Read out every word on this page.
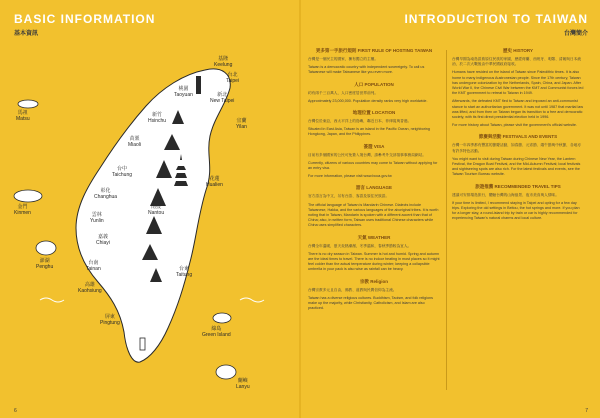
馬祖
Matsu
基隆
Keelung
台北
Taipei
新北
New Taipei
桃園
Taoyuan
宜蘭
Yilan
新竹
Hsinchu
苗栗
Miaoli
金門
Kinmen
台中
Taichung
彰化
Changhua
南投
Nantou
花蓮
Hualien
澎湖
Penghu
雲林
Yunlin
嘉義
Chiayi
台南
Tainan
高雄
Kaohsiung
台東
Taitung
屏東
Pingtung
綠島
Green Island
蘭嶼
Lanyu
BASIC INFORMATION
基本資訊
INTRODUCTION TO TAIWAN
台灣簡介
更多第一手旅行規則 FIRST RULE OF HOSTING TAIWAN

台灣是一個民主的國家，擁有獨立的主權。

Taiwan is a democratic country with independent sovereignty. To call us Taiwanese will make Taiwanese like you even more.

人口 POPULATION

約有兩千三百萬人，人口密度居世界前列。

Approximately 23,000,000. Population density ranks very high worldwide.

地理位置 LOCATION

台灣位於東亞，西太平洋上的島嶼，鄰近日本、菲律賓與香港。

Situated in East Asia, Taiwan is an island in the Pacific Ocean, neighboring Hongkong, Japan, and the Philippines.

簽證 VISA

目前有多個國家的公民可免簽入境台灣，請參考外交部領事事務局網站。

Currently, citizens of various countries may come to Taiwan without applying for an entry visa.

For more information, please visit www.boca.gov.tw

語言 LANGUAGE

官方語言為中文，另有台語、客語及原住民族語。

The official language of Taiwan is Mandarin Chinese. Dialects include Taiwanese, Hakka, and the various languages of the aboriginal tribes. It is worth noting that in Taiwan, Mandarin is spoken with a different accent than that of China; also, in written form, Taiwan uses traditional Chinese characters while China uses simplified characters.

天氣 WEATHER

台灣全年溫暖，夏天炎熱潮濕，冬季溫和，春秋季節較為宜人。

There is no dry season in Taiwan. Summer is hot and humid. Spring and autumn are the ideal times to travel. There is no indoor heating in most places so it might feel colder than the actual temperature during winter; keeping a collapsible umbrella in your pack is also wise as rainfall can be heavy.

宗教 Religion

台灣宗教多元且自由，佛教、道教與民間信仰為主流。

Taiwan has a diverse religious cultures. Buddhism, Taoism, and folk religions make up the majority, while Christianity, Catholicism, and Islam are also practiced.

歷史 HISTORY

台灣早期為南島語族原住民族的家園，歷經荷蘭、西班牙、明鄭、清朝與日本統治，於二次大戰後由中華民國政府接收。

Humans have resided on the island of Taiwan since Paleolithic times. It is also home to many indigenous Austronesian people. Since the 17th century, Taiwan has undergone colonization by the Netherlands, Spain, China, and Japan. After World War II, the Chinese Civil War between the KMT and Communist forces led the KMT government to retreat to Taiwan in 1949.

Afterwards, the defeated KMT fled to Taiwan and imposed an anti-communist stance to start an authoritarian government. It was not until 1987 that martial law was lifted, and from then on Taiwan began its transition to a free and democratic society, with its first direct presidential election held in 1996.

For more history about Taiwan, please visit the government's official website.

節慶與活動 FESTIVALS AND EVENTS

台灣一年四季都有豐富的節慶活動，如春節、元宵節、端午節與中秋節，各地亦有許多特色活動。

You might want to visit during Taiwan during Chinese New Year, the Lantern Festival, the Dragon Boat Festival, and the Mid-Autumn Festival; local festivals and sightseeing spots are also rich. For the latest festivals and events, see the Taiwan Tourism Bureau website.

旅遊推薦 RECOMMENDED TRAVEL TIPS

建議可安排環島旅行，體驗台灣的山海風景、夜市美食與人情味。

If your time is limited, I recommend staying in Taipei and opting for a few day trips. Exploring the old settings in Beitou, the hot springs and more. If you plan for a longer stay, a round-island trip by train or car is highly recommended for experiencing Taiwan's natural charms and local culture.

6	7
